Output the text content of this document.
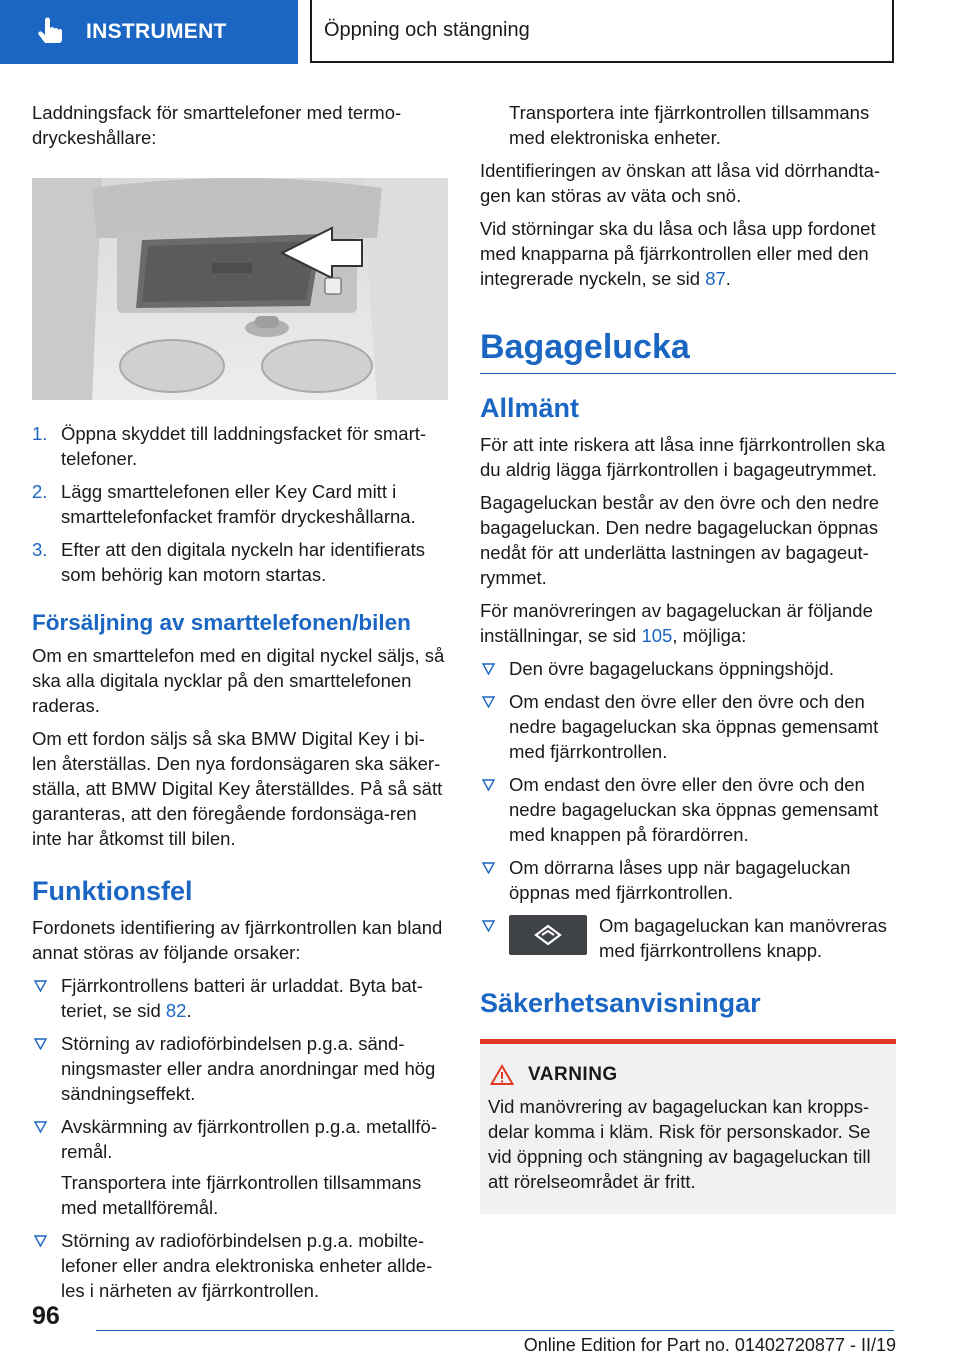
INSTRUMENT	Öppning och stängning

Laddningsfack för smarttelefoner med termo-dryckeshållare:

1. Öppna skyddet till laddningsfacket för smart-telefoner.
2. Lägg smarttelefonen eller Key Card mitt i smarttelefonfacket framför dryckeshållarna.
3. Efter att den digitala nyckeln har identifierats som behörig kan motorn startas.
Försäljning av smarttelefonen/bilen

Om en smarttelefon med en digital nyckel säljs, så ska alla digitala nycklar på den smarttelefonen raderas.

Om ett fordon säljs så ska BMW Digital Key i bi-len återställas. Den nya fordonsägaren ska säker-ställa, att BMW Digital Key återställdes. På så sätt garanteras, att den föregående fordonsäga-ren inte har åtkomst till bilen.

Funktionsfel

Fordonets identifiering av fjärrkontrollen kan bland annat störas av följande orsaker:

Fjärrkontrollens batteri är urladdat. Byta bat-teriet, se sid 82.
Störning av radioförbindelsen p.g.a. sänd-ningsmaster eller andra anordningar med hög sändningseffekt.
Avskärmning av fjärrkontrollen p.g.a. metallfö-remål.
Transportera inte fjärrkontrollen tillsammans med metallföremål.
Störning av radioförbindelsen p.g.a. mobilte-lefoner eller andra elektroniska enheter allde-les i närheten av fjärrkontrollen.

Transportera inte fjärrkontrollen tillsammans med elektroniska enheter.

Identifieringen av önskan att låsa vid dörrhandta-gen kan störas av väta och snö.

Vid störningar ska du låsa och låsa upp fordonet med knapparna på fjärrkontrollen eller med den integrerade nyckeln, se sid 87.

Bagagelucka
Allmänt

För att inte riskera att låsa inne fjärrkontrollen ska du aldrig lägga fjärrkontrollen i bagageutrymmet.

Bagageluckan består av den övre och den nedre bagageluckan. Den nedre bagageluckan öppnas nedåt för att underlätta lastningen av bagageut-rymmet.

För manövreringen av bagageluckan är följande inställningar, se sid 105, möjliga:

Den övre bagageluckans öppningshöjd.
Om endast den övre eller den övre och den nedre bagageluckan ska öppnas gemensamt med fjärrkontrollen.
Om endast den övre eller den övre och den nedre bagageluckan ska öppnas gemensamt med knappen på förardörren.
Om dörrarna låses upp när bagageluckan öppnas med fjärrkontrollen.
Om bagageluckan kan manövreras med fjärrkontrollens knapp.
Säkerhetsanvisningar
VARNING

Vid manövrering av bagageluckan kan kropps-delar komma i kläm. Risk för personskador. Se vid öppning och stängning av bagageluckan till att rörelseområdet är fritt.

96
Online Edition for Part no. 01402720877 - II/19
